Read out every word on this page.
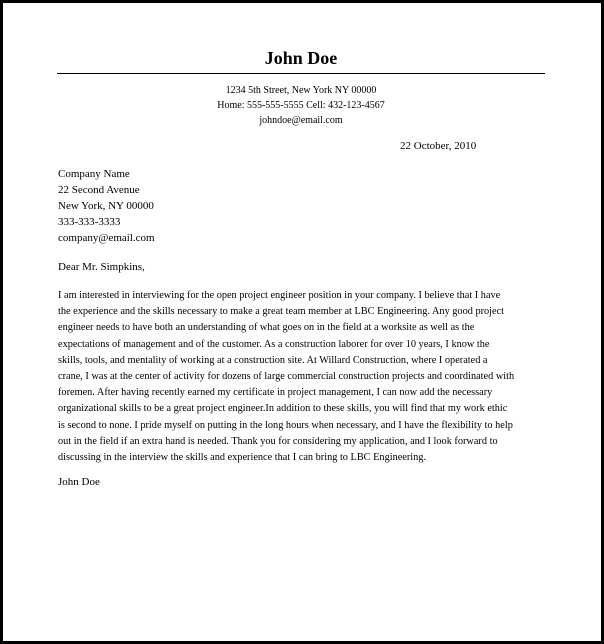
John Doe
1234 5th Street, New York NY 00000
Home: 555-555-5555 Cell: 432-123-4567
johndoe@email.com
22 October, 2010
Company Name
22 Second Avenue
New York, NY 00000
333-333-3333
company@email.com
Dear Mr. Simpkins,
I am interested in interviewing for the open project engineer position in your company. I believe that I have
the experience and the skills necessary to make a great team member at LBC Engineering. Any good project
engineer needs to have both an understanding of what goes on in the field at a worksite as well as the
expectations of management and of the customer. As a construction laborer for over 10 years, I know the
skills, tools, and mentality of working at a construction site. At Willard Construction, where I operated a
crane, I was at the center of activity for dozens of large commercial construction projects and coordinated with
foremen. After having recently earned my certificate in project management, I can now add the necessary
organizational skills to be a great project engineer.In addition to these skills, you will find that my work ethic
is second to none. I pride myself on putting in the long hours when necessary, and I have the flexibility to help
out in the field if an extra hand is needed. Thank you for considering my application, and I look forward to
discussing in the interview the skills and experience that I can bring to LBC Engineering.
John Doe
